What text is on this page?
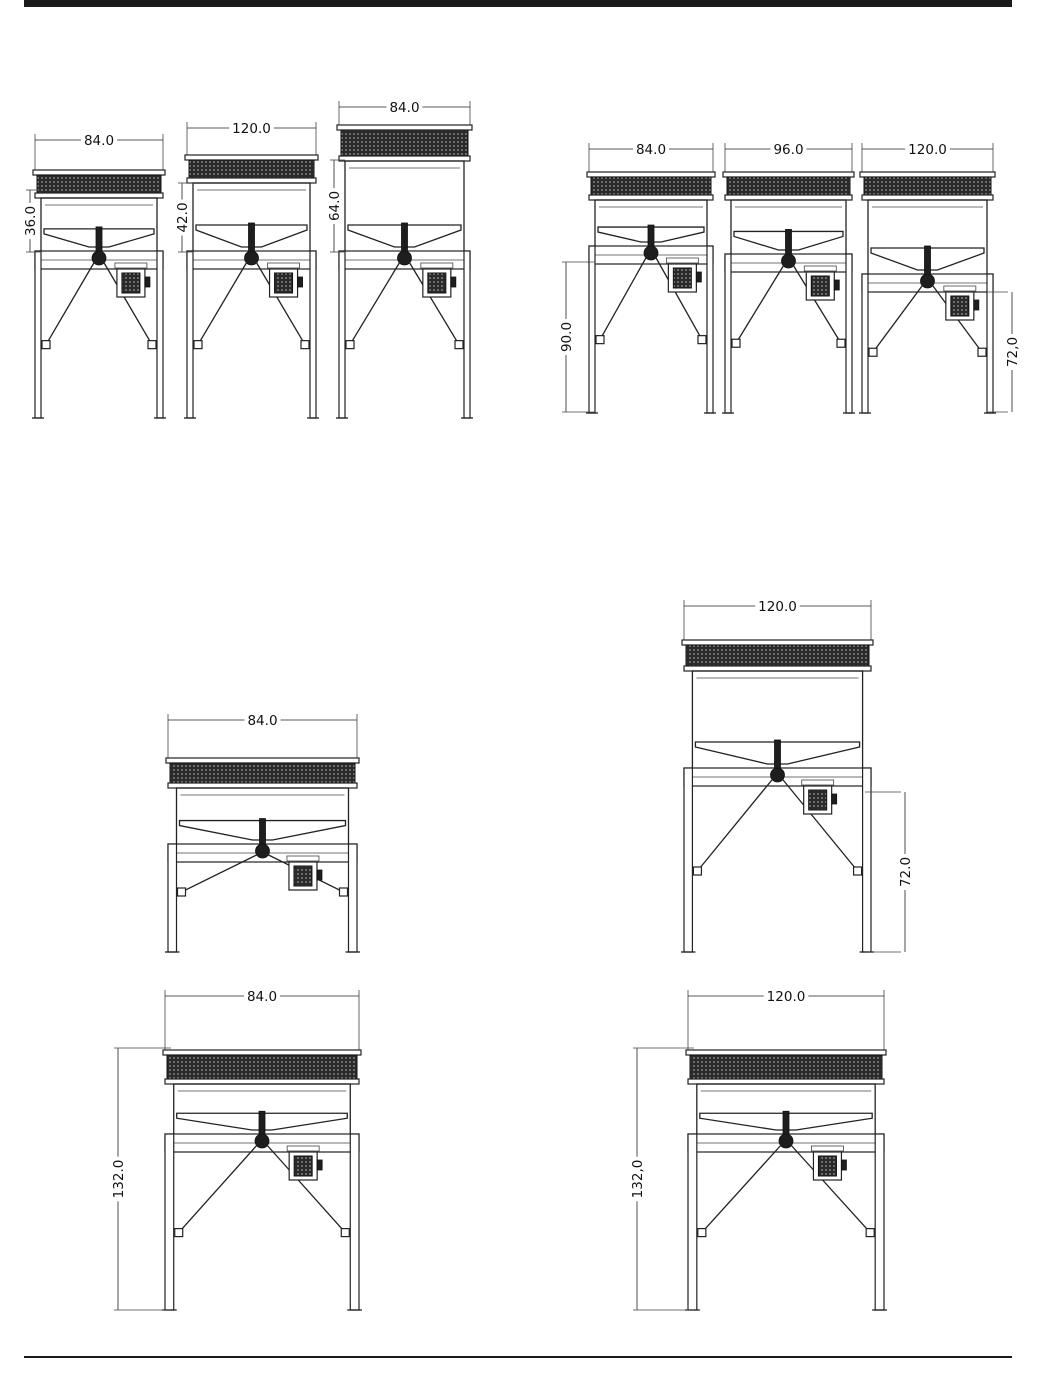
84.0
36.0
120.0
42.0
84.0
64.0
84.0
90.0
96.0	120.0
72,0
84.0
120.0
72.0
84.0
132.0
120.0
132,0
